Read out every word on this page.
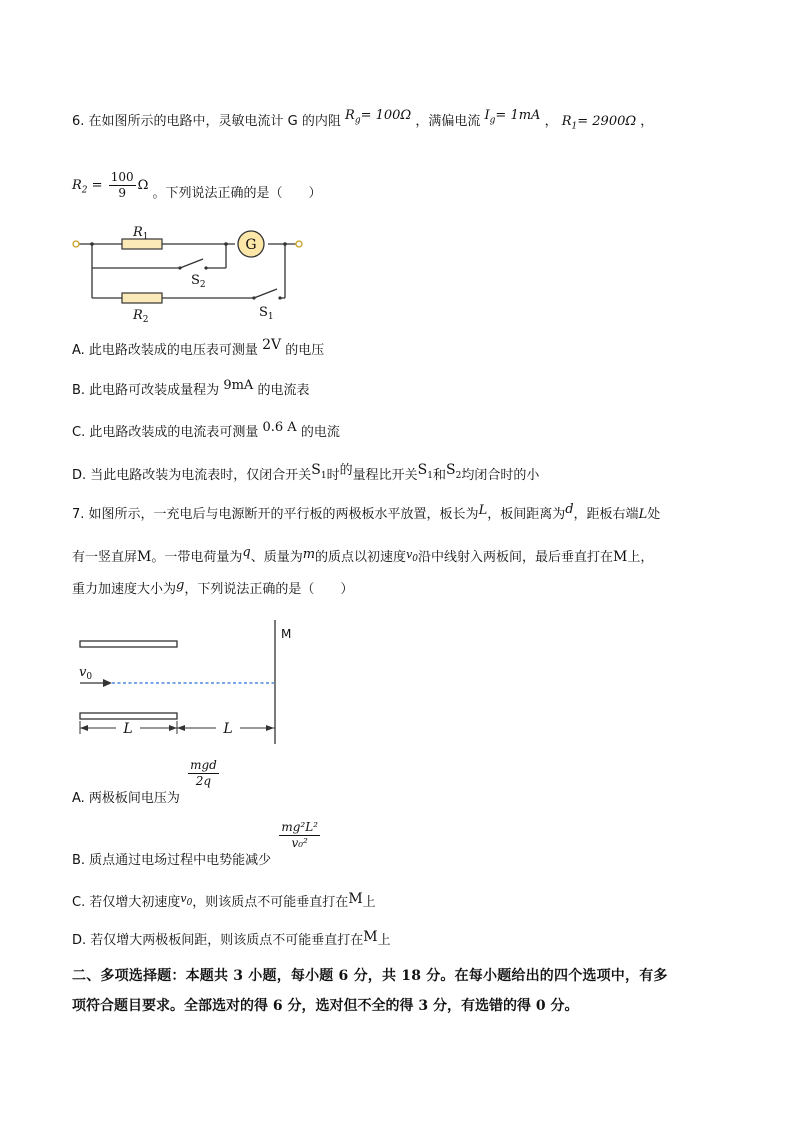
6. 在如图所示的电路中，灵敏电流计 G 的内阻 $R_g= 100\Omega$ ，满偏电流 $I_g= 1mA$ ， $R_1= 2900\Omega$ ，
$R_2 = \frac{100}{9}$ Ω 。下列说法正确的是（　　）
G
$R_1$
$R_2$
$S_2$
$S_1$
A. 此电路改装成的电压表可测量 2V 的电压
B. 此电路可改装成量程为 9mA 的电流表
C. 此电路改装成的电流表可测量 0.6 A 的电流
D. 当此电路改装为电流表时，仅闭合开关$S_1$时的量程比开关$S_1$和$S_2$均闭合时的小
7. 如图所示，一充电后与电源断开的平行板的两极板水平放置，板长为L，板间距离为d，距板右端L处
有一竖直屏M。一带电荷量为q、质量为m的质点以初速度$^{v_0}$沿中线射入两板间，最后垂直打在M上，
重力加速度大小为g，下列说法正确的是（　　）
M
$v_0$
L	L
A. 两极板间电压为
$\frac{\text{mgd}}{2q}$
B. 质点通过电场过程中电势能减少
$\frac{\text{mg²L²}}{\text{v₀²}}$
C. 若仅增大初速度$^{v_0}$，则该质点不可能垂直打在M上
D. 若仅增大两极板间距，则该质点不可能垂直打在M上
二、多项选择题：本题共 3 小题，每小题 6 分，共 18 分。在每小题给出的四个选项中，有多
项符合题目要求。全部选对的得 6 分，选对但不全的得 3 分，有选错的得 0 分。
